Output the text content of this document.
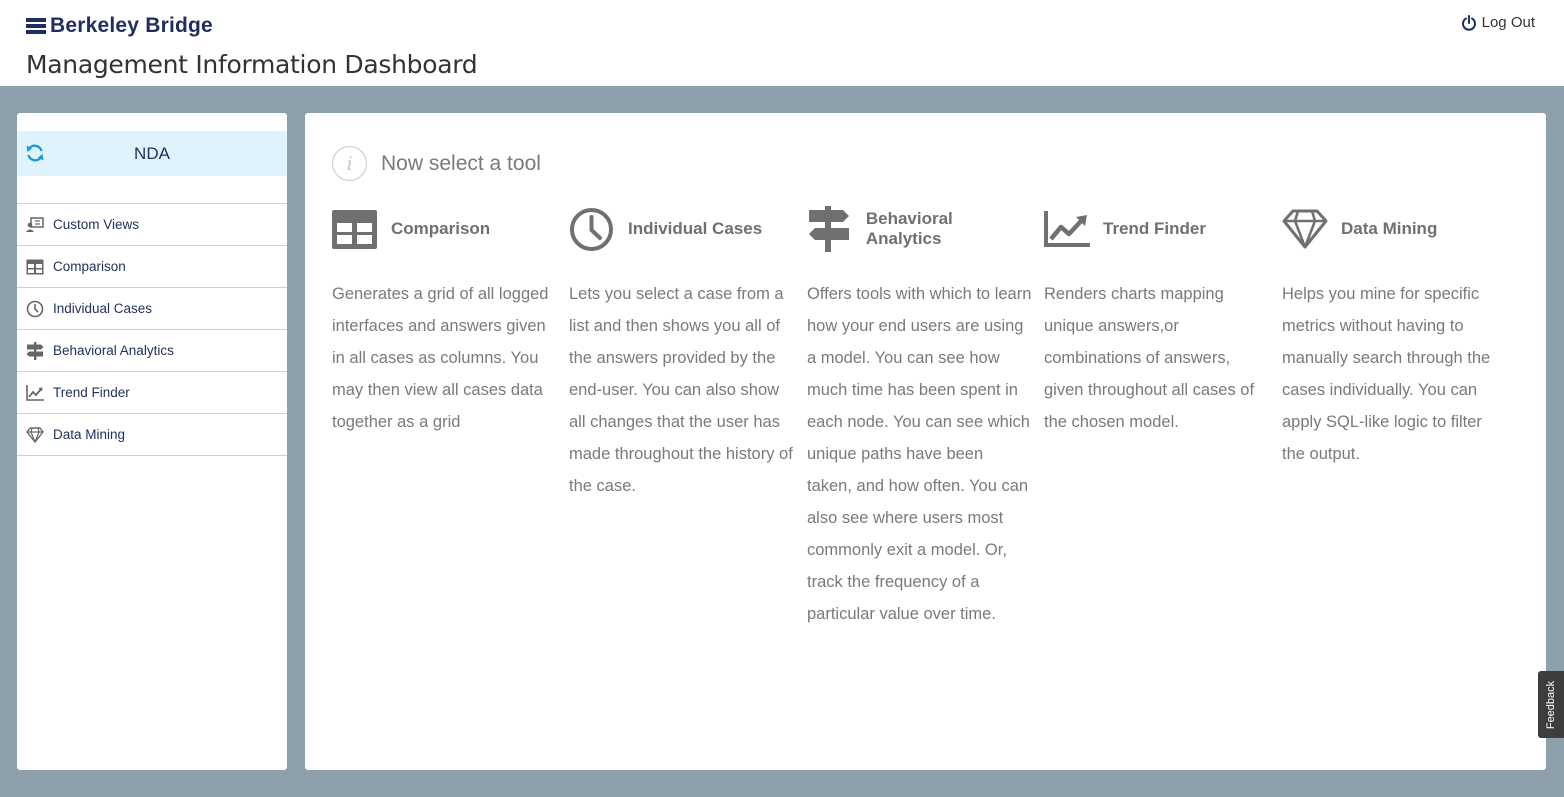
Berkeley Bridge
Management Information Dashboard
Log Out
NDA
Custom Views
Comparison
Individual Cases
Behavioral Analytics
Trend Finder
Data Mining
i	Now select a tool
Comparison

Generates a grid of all logged interfaces and answers given in all cases as columns. You may then view all cases data together as a grid

Individual Cases

Lets you select a case from a list and then shows you all of the answers provided by the end-user. You can also show all changes that the user has made throughout the history of the case.

Behavioral Analytics

Offers tools with which to learn how your end users are using a model. You can see how much time has been spent in each node. You can see which unique paths have been taken, and how often. You can also see where users most commonly exit a model. Or, track the frequency of a particular value over time.

Trend Finder

Renders charts mapping unique answers,or combinations of answers, given throughout all cases of the chosen model.

Data Mining

Helps you mine for specific metrics without having to manually search through the cases individually. You can apply SQL-like logic to filter the output.

Feedback
